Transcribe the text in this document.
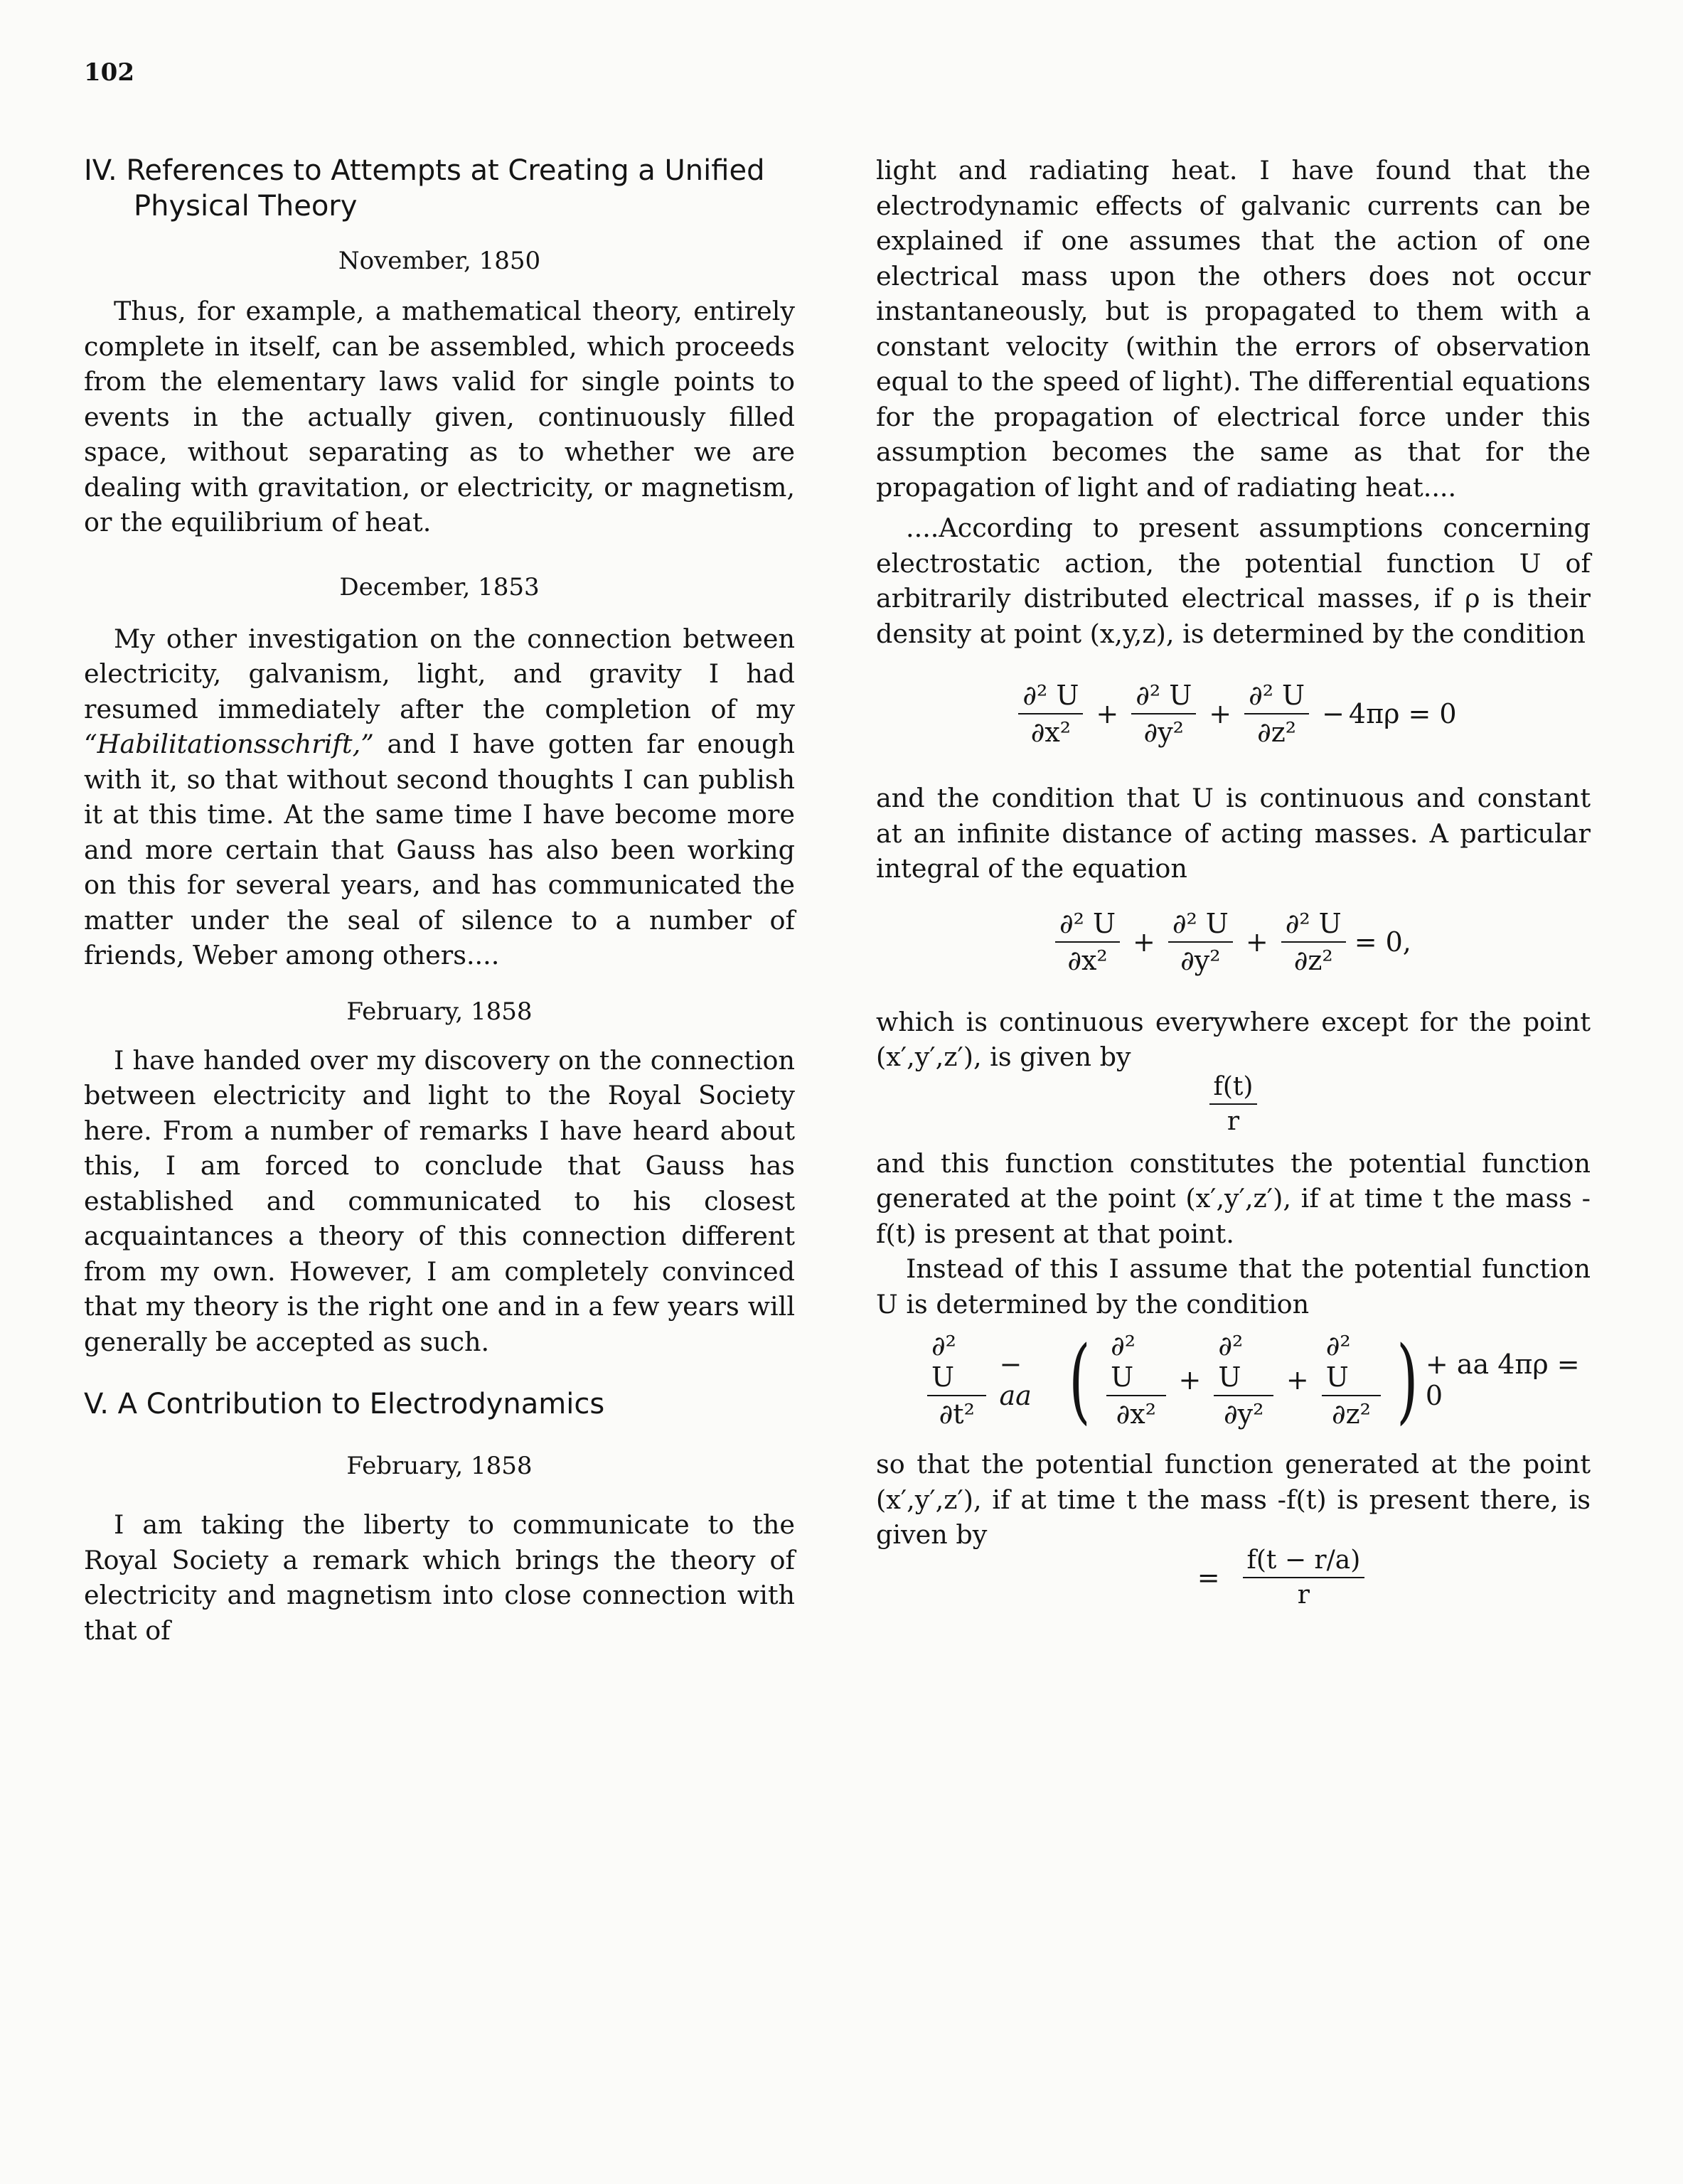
102
IV. References to Attempts at Creating a Unified
Physical Theory

November, 1850

Thus, for example, a mathematical theory, entirely complete in itself, can be assembled, which proceeds from the elementary laws valid for single points to events in the actually given, continuously filled space, without separating as to whether we are dealing with gravitation, or electricity, or magnetism, or the equilibrium of heat.

December, 1853

My other investigation on the connection between electricity, galvanism, light, and gravity I had resumed immediately after the completion of my “Habilitationsschrift,” and I have gotten far enough with it, so that without second thoughts I can publish it at this time. At the same time I have become more and more certain that Gauss has also been working on this for several years, and has communicated the matter under the seal of silence to a number of friends, Weber among others....

February, 1858

I have handed over my discovery on the connection between electricity and light to the Royal Society here. From a number of remarks I have heard about this, I am forced to conclude that Gauss has established and communicated to his closest acquaintances a theory of this connection different from my own. However, I am completely convinced that my theory is the right one and in a few years will generally be accepted as such.

V. A Contribution to Electrodynamics

February, 1858

I am taking the liberty to communicate to the Royal Society a remark which brings the theory of electricity and magnetism into close connection with that of

light and radiating heat. I have found that the electrodynamic effects of galvanic currents can be explained if one assumes that the action of one electrical mass upon the others does not occur instantaneously, but is propagated to them with a constant velocity (within the errors of observation equal to the speed of light). The differential equations for the propagation of electrical force under this assumption becomes the same as that for the propagation of light and of radiating heat....

....According to present assumptions concerning electrostatic action, the potential function U of arbitrarily distributed electrical masses, if ρ is their density at point (x,y,z), is determined by the condition

$\frac{\text{∂² U}}{\text{∂x²}} + \frac{\text{∂² U}}{\text{∂y²}} + \frac{\text{∂² U}}{\text{∂z²}} - 4\pi\rho = 0$

and the condition that U is continuous and constant at an infinite distance of acting masses. A particular integral of the equation

$\frac{\text{∂² U}}{\text{∂x²}} + \frac{\text{∂² U}}{\text{∂y²}} + \frac{\text{∂² U}}{\text{∂z²}} = 0$,

which is continuous everywhere except for the point (x′,y′,z′), is given by

$\frac{f(t)}{r}$

and this function constitutes the potential function generated at the point (x′,y′,z′), if at time t the mass -f(t) is present at that point.

Instead of this I assume that the potential function U is determined by the condition

$\frac{\text{∂² U}}{\text{∂t²}}$ − aa ( $\frac{\text{∂² U}}{\text{∂x²}} + \frac{\text{∂² U}}{\text{∂y²}} + \frac{\text{∂² U}}{\text{∂z²}}$ ) + aa 4πρ = 0

so that the potential function generated at the point (x′,y′,z′), if at time t the mass -f(t) is present there, is given by

= $\frac{f(t - r/a)}{r}$
